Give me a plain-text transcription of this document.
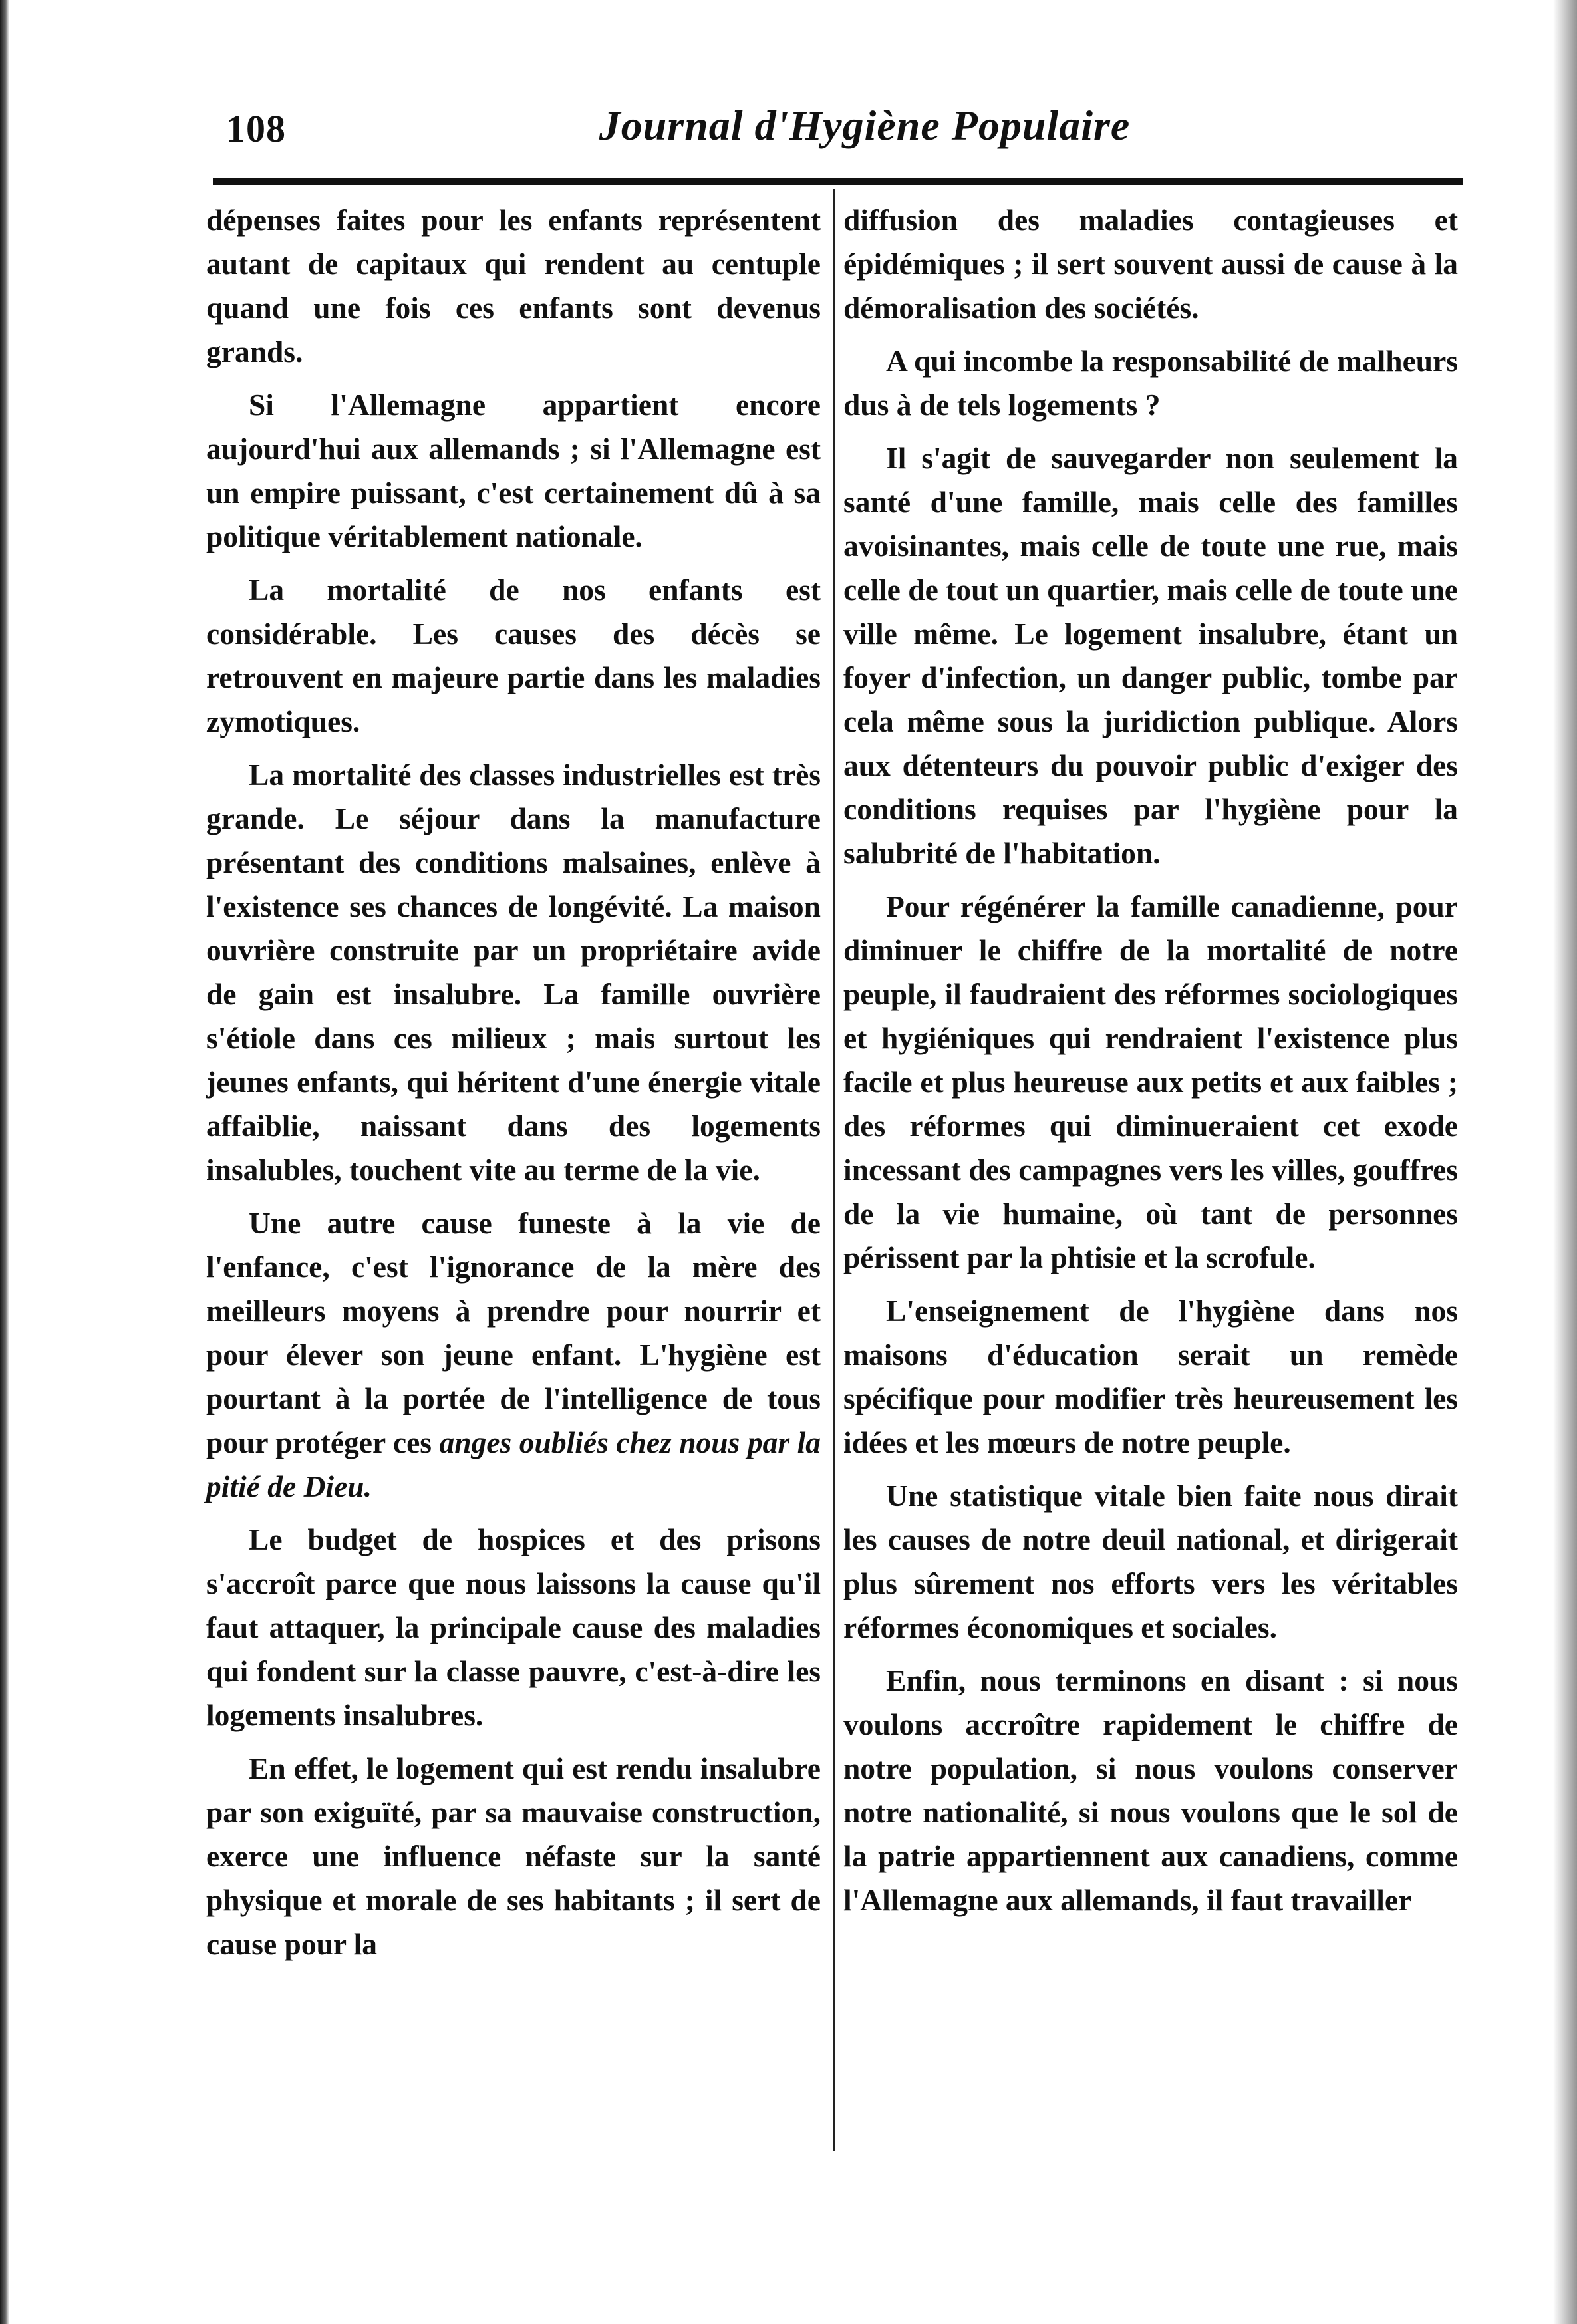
108	Journal d'Hygiène Populaire

dépenses faites pour les enfants représentent autant de capitaux qui rendent au centuple quand une fois ces enfants sont devenus grands.

Si l'Allemagne appartient encore aujourd'hui aux allemands ; si l'Allemagne est un empire puissant, c'est certainement dû à sa politique véritablement nationale.

La mortalité de nos enfants est considérable. Les causes des décès se retrouvent en majeure partie dans les maladies zymotiques.

La mortalité des classes industrielles est très grande. Le séjour dans la manufacture présentant des conditions malsaines, enlève à l'existence ses chances de longévité. La maison ouvrière construite par un propriétaire avide de gain est insalubre. La famille ouvrière s'étiole dans ces milieux ; mais surtout les jeunes enfants, qui héritent d'une énergie vitale affaiblie, naissant dans des logements insalubles, touchent vite au terme de la vie.

Une autre cause funeste à la vie de l'enfance, c'est l'ignorance de la mère des meilleurs moyens à prendre pour nourrir et pour élever son jeune enfant. L'hygiène est pourtant à la portée de l'intelligence de tous pour protéger ces anges oubliés chez nous par la pitié de Dieu.

Le budget de hospices et des prisons s'accroît parce que nous laissons la cause qu'il faut attaquer, la principale cause des maladies qui fondent sur la classe pauvre, c'est-à-dire les logements insalubres.

En effet, le logement qui est rendu insalubre par son exiguïté, par sa mauvaise construction, exerce une influence néfaste sur la santé physique et morale de ses habitants ; il sert de cause pour la

diffusion des maladies contagieuses et épidémiques ; il sert souvent aussi de cause à la démoralisation des sociétés.

A qui incombe la responsabilité de malheurs dus à de tels logements ?

Il s'agit de sauvegarder non seulement la santé d'une famille, mais celle des familles avoisinantes, mais celle de toute une rue, mais celle de tout un quartier, mais celle de toute une ville même. Le logement insalubre, étant un foyer d'infection, un danger public, tombe par cela même sous la juridiction publique. Alors aux détenteurs du pouvoir public d'exiger des conditions requises par l'hygiène pour la salubrité de l'habitation.

Pour régénérer la famille canadienne, pour diminuer le chiffre de la mortalité de notre peuple, il faudraient des réformes sociologiques et hygiéniques qui rendraient l'existence plus facile et plus heureuse aux petits et aux faibles ; des réformes qui diminueraient cet exode incessant des campagnes vers les villes, gouffres de la vie humaine, où tant de personnes périssent par la phtisie et la scrofule.

L'enseignement de l'hygiène dans nos maisons d'éducation serait un remède spécifique pour modifier très heureusement les idées et les mœurs de notre peuple.

Une statistique vitale bien faite nous dirait les causes de notre deuil national, et dirigerait plus sûrement nos efforts vers les véritables réformes économiques et sociales.

Enfin, nous terminons en disant : si nous voulons accroître rapidement le chiffre de notre population, si nous voulons conserver notre nationalité, si nous voulons que le sol de la patrie appartiennent aux canadiens, comme l'Allemagne aux allemands, il faut travailler
